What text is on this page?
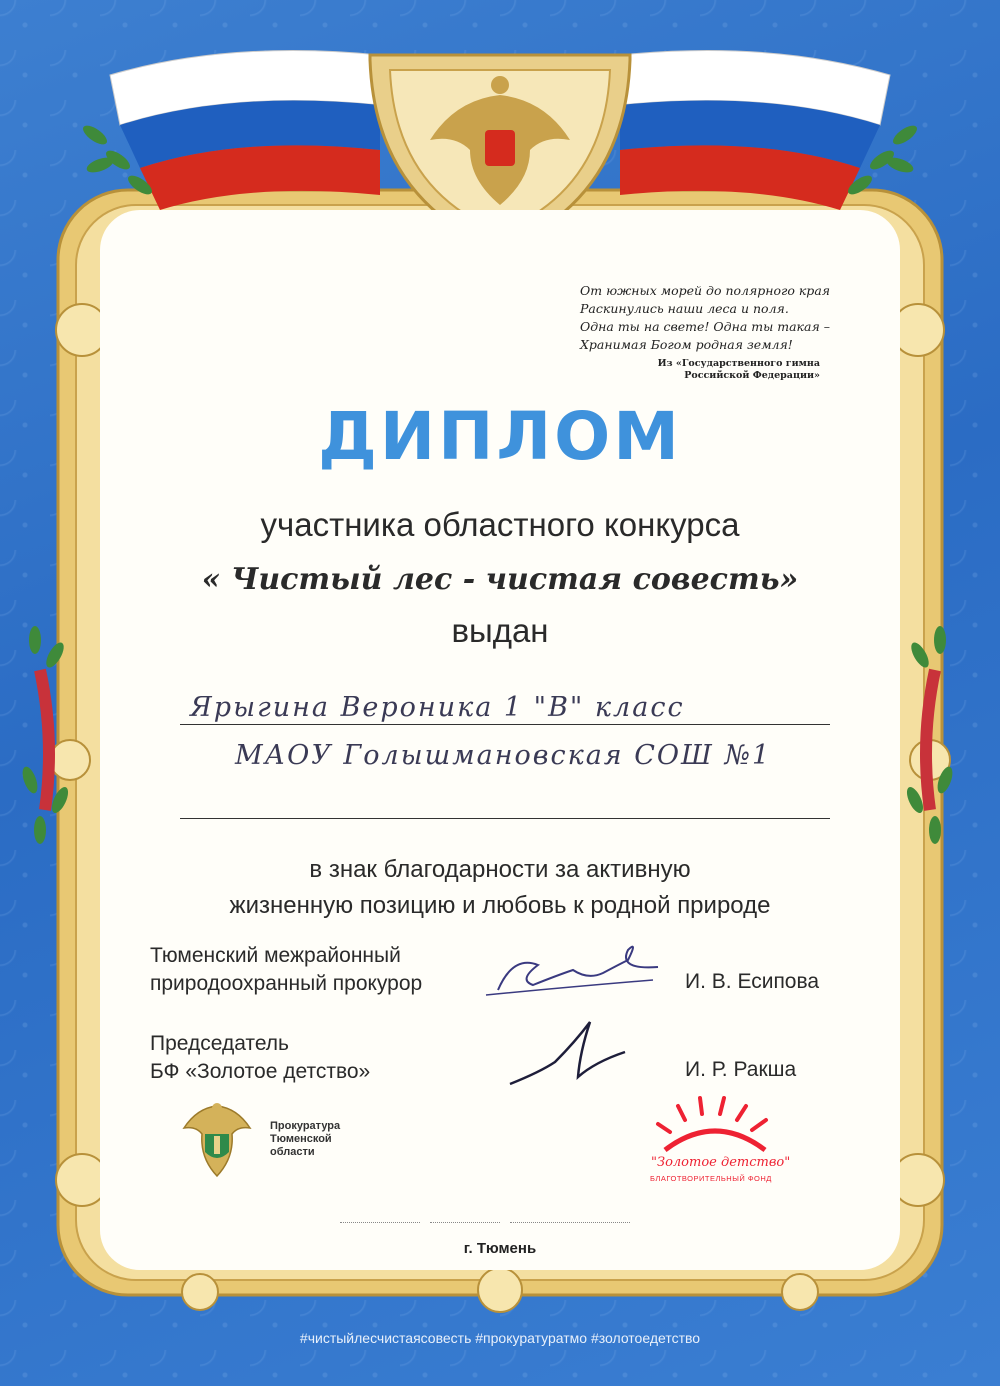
От южных морей до полярного края
Раскинулись наши леса и поля.
Одна ты на свете! Одна ты такая –
Хранимая Богом родная земля!
Из «Государственного гимна
Российской Федерации»
ДИПЛОМ
участника областного конкурса
« Чистый лес - чистая совесть»
выдан
Ярыгина Вероника 1 "В" класс
МАОУ Голышмановская СОШ №1
в знак благодарности за активную
жизненную позицию и любовь к родной природе
Тюменский межрайонный
природоохранный прокурор	И. В. Есипова
Председатель
БФ «Золотое детство»	И. Р. Ракша
Прокуратура
Тюменской
области
"Золотое детство"
БЛАГОТВОРИТЕЛЬНЫЙ ФОНД
г. Тюмень
#чистыйлесчистаясовесть #прокуратуратмо #золотоедетство
